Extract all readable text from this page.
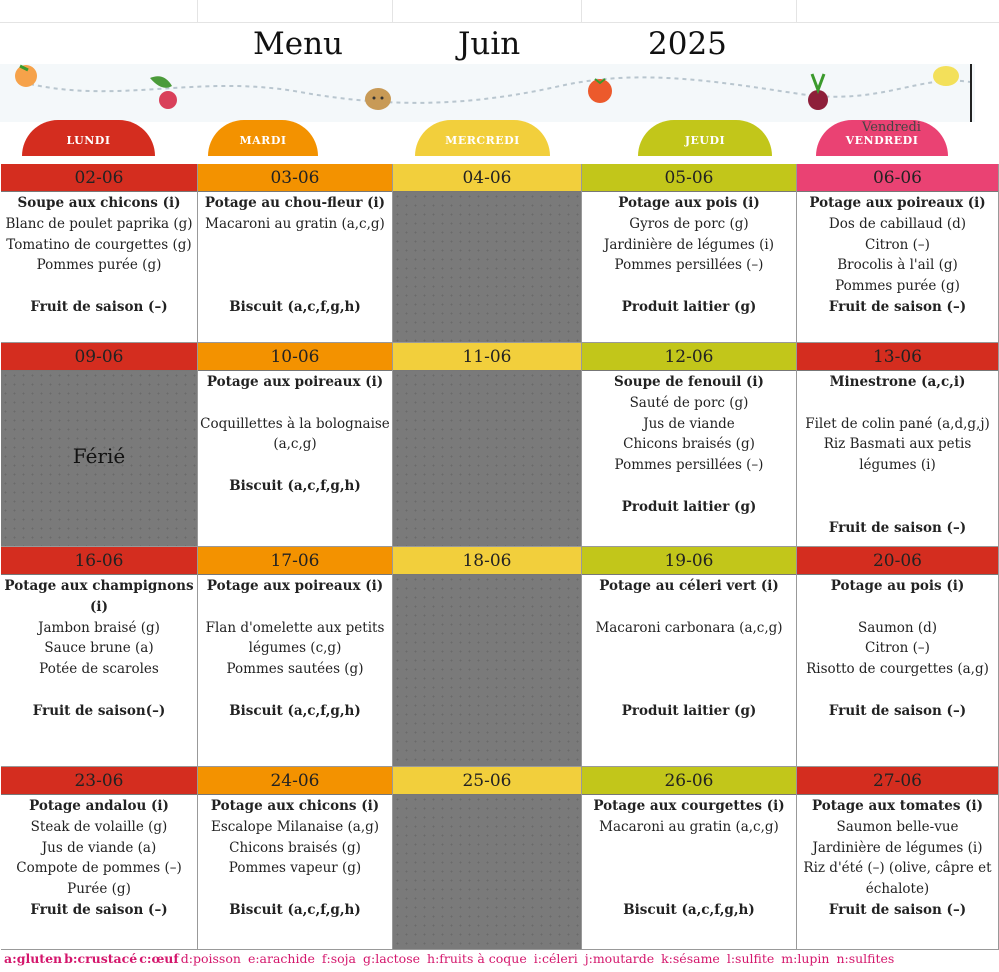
Menu	Juin	2025
LUNDI	MARDI	MERCREDI	JEUDI	VENDREDI
Vendredi
02-06
Soupe aux chicons (i)
Blanc de poulet paprika (g)
Tomatino de courgettes (g)
Pommes purée (g)

Fruit de saison (–)
03-06
Potage au chou-fleur (i)
Macaroni au gratin (a,c,g)

Biscuit (a,c,f,g,h)
04-06	05-06
Potage aux pois (i)
Gyros de porc (g)
Jardinière de légumes (i)
Pommes persillées (–)

Produit laitier (g)
06-06
Potage aux poireaux (i)
Dos de cabillaud (d)
Citron (–)
Brocolis à l'ail (g)
Pommes purée (g)
Fruit de saison (–)
09-06
Férié
10-06
Potage aux poireaux (i)

Coquillettes à la bolognaise (a,c,g)

Biscuit (a,c,f,g,h)
11-06	12-06
Soupe de fenouil (i)
Sauté de porc (g)
Jus de viande
Chicons braisés (g)
Pommes persillées (–)

Produit laitier (g)
13-06
Minestrone (a,c,i)

Filet de colin pané (a,d,g,j)
Riz Basmati aux petis légumes (i)

Fruit de saison (–)
16-06
Potage aux champignons (i)
Jambon braisé (g)
Sauce brune (a)
Potée de scaroles

Fruit de saison(–)
17-06
Potage aux poireaux (i)

Flan d'omelette aux petits légumes (c,g)
Pommes sautées (g)

Biscuit (a,c,f,g,h)
18-06	19-06
Potage au céleri vert (i)

Macaroni carbonara (a,c,g)

Produit laitier (g)
20-06
Potage au pois (i)

Saumon (d)
Citron (–)
Risotto de courgettes (a,g)

Fruit de saison (–)
23-06
Potage andalou (i)
Steak de volaille (g)
Jus de viande (a)
Compote de pommes (–)
Purée (g)
Fruit de saison (–)
24-06
Potage aux chicons (i)
Escalope Milanaise (a,g)
Chicons braisés (g)
Pommes vapeur (g)

Biscuit (a,c,f,g,h)
25-06	26-06
Potage aux courgettes (i)
Macaroni au gratin (a,c,g)

Biscuit (a,c,f,g,h)
27-06
Potage aux tomates (i)
Saumon belle-vue
Jardinière de légumes (i)
Riz d'été (–) (olive, câpre et échalote)
Fruit de saison (–)
a:gluten b:crustacé c:œuf d:poisson e:arachide f:soja g:lactose h:fruits à coque i:céleri j:moutarde k:sésame l:sulfite m:lupin n:sulfites
